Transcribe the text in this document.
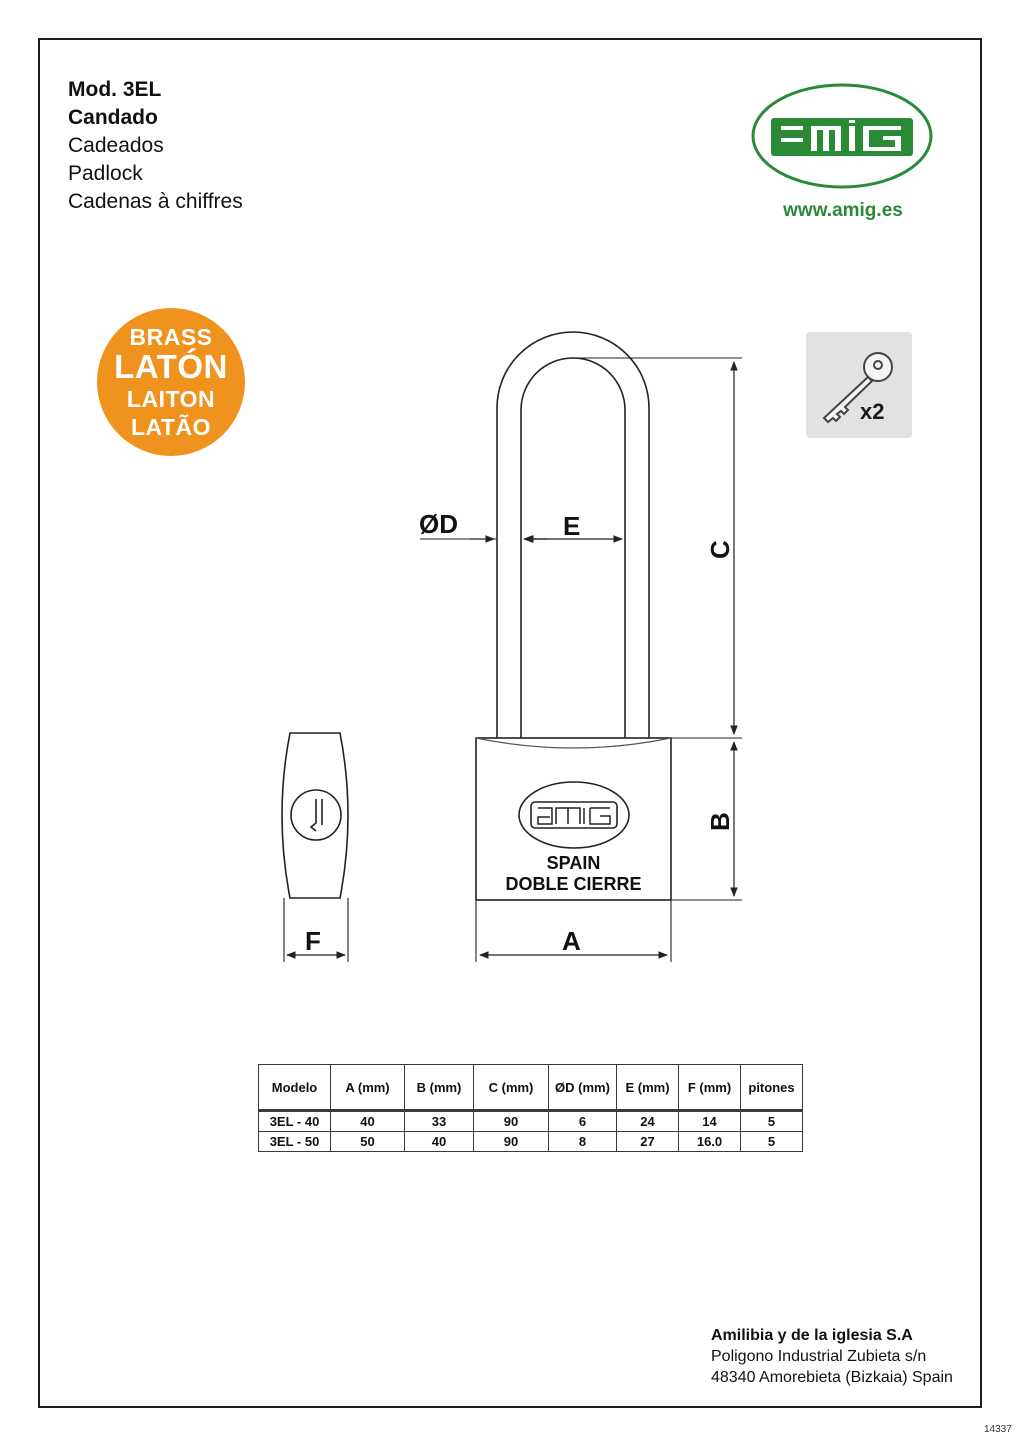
Mod. 3EL
Candado
Cadeados
Padlock
Cadenas à chiffres	www.amig.es
BRASS
LATÓN
LAITON
LATÃO
x2
ØD	E
A
F
C
B
SPAIN
DOBLE CIERRE
Modelo	A (mm)	B (mm)	C (mm)	ØD (mm)	E (mm)	F (mm)	pitones
3EL - 40	40	33	90	6	24	14	5
3EL - 50	50	40	90	8	27	16.0	5
Amilibia y de la iglesia S.A
Poligono Industrial Zubieta s/n
48340 Amorebieta (Bizkaia) Spain
14337
